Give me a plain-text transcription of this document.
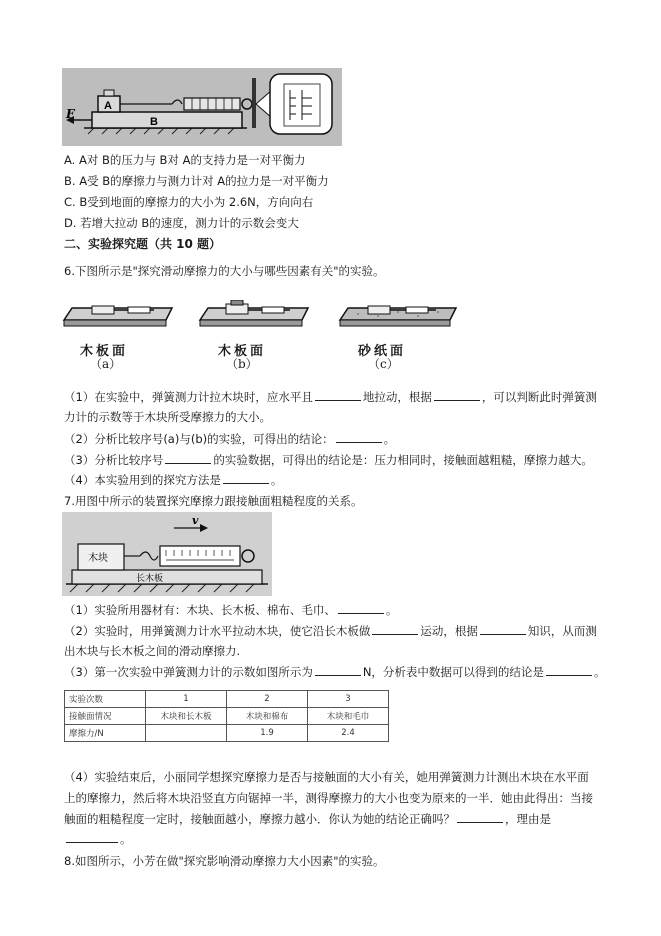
F
A
B
A. A对 B的压力与 B对 A的支持力是一对平衡力
B. A受 B的摩擦力与测力计对 A的拉力是一对平衡力
C. B受到地面的摩擦力的大小为 2.6N，方向向右
D. 若增大拉动 B的速度，测力计的示数会变大
二、实验探究题（共 10 题）
6.下图所示是"探究滑动摩擦力的大小与哪些因素有关"的实验。
木板面
（a）
木板面
（b）
砂纸面
（c）
（1）在实验中，弹簧测力计拉木块时，应水平且	地拉动，根据	，可以判断此时弹簧测
力计的示数等于木块所受摩擦力的大小。
（2）分析比较序号(a)与(b)的实验，可得出的结论：	。
（3）分析比较序号	的实验数据，可得出的结论是：压力相同时，接触面越粗糙，摩擦力越大。
（4）本实验用到的探究方法是	。
7.用图中所示的装置探究摩擦力跟接触面粗糙程度的关系。
v
木块
长木板
（1）实验所用器材有：木块、长木板、棉布、毛巾、	。
（2）实验时，用弹簧测力计水平拉动木块，使它沿长木板做	运动，根据	知识，从而测
出木块与长木板之间的滑动摩擦力.
（3）第一次实验中弹簧测力计的示数如图所示为	N，分析表中数据可以得到的结论是	。
实验次数	1	2	3
接触面情况	木块和长木板	木块和棉布	木块和毛巾
摩擦力/N		1.9	2.4
（4）实验结束后，小丽同学想探究摩擦力是否与接触面的大小有关，她用弹簧测力计测出木块在水平面
上的摩擦力，然后将木块沿竖直方向锯掉一半，测得摩擦力的大小也变为原来的一半．她由此得出：当接
触面的粗糙程度一定时，接触面越小，摩擦力越小．你认为她的结论正确吗？	，理由是
。
8.如图所示，小芳在做"探究影响滑动摩擦力大小因素"的实验。
